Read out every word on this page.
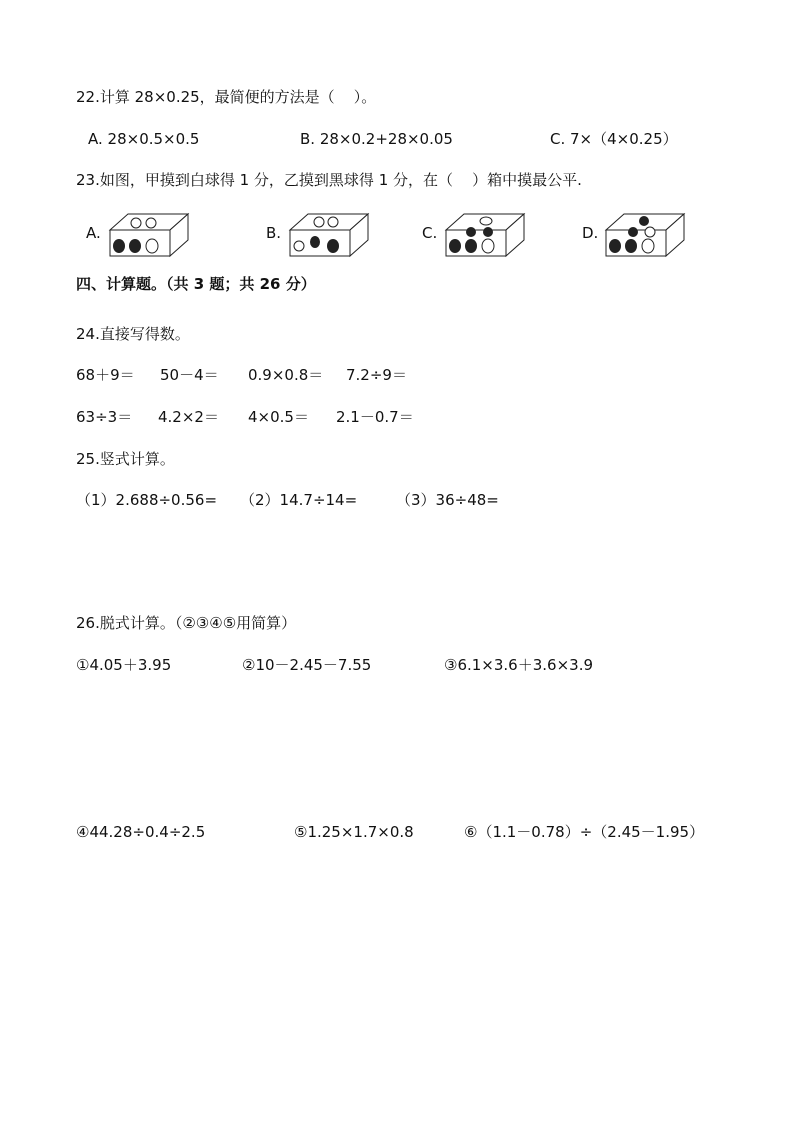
22.计算 28×0.25，最简便的方法是（    ）。
A. 28×0.5×0.5	B. 28×0.2+28×0.05	C. 7×（4×0.25）
23.如图，甲摸到白球得 1 分，乙摸到黑球得 1 分，在（    ）箱中摸最公平.
A.	B.	C.	D.
四、计算题。（共 3 题；共 26 分）
24.直接写得数。
68＋9＝ 50－4＝ 0.9×0.8＝ 7.2÷9＝
63÷3＝ 4.2×2＝ 4×0.5＝ 2.1－0.7＝
25.竖式计算。
（1）2.688÷0.56= （2）14.7÷14=	（3）36÷48=
26.脱式计算。（②③④⑤用简算）
①4.05＋3.95	②10－2.45－7.55	③6.1×3.6＋3.6×3.9
④44.28÷0.4÷2.5	⑤1.25×1.7×0.8	⑥（1.1－0.78）÷（2.45－1.95）
